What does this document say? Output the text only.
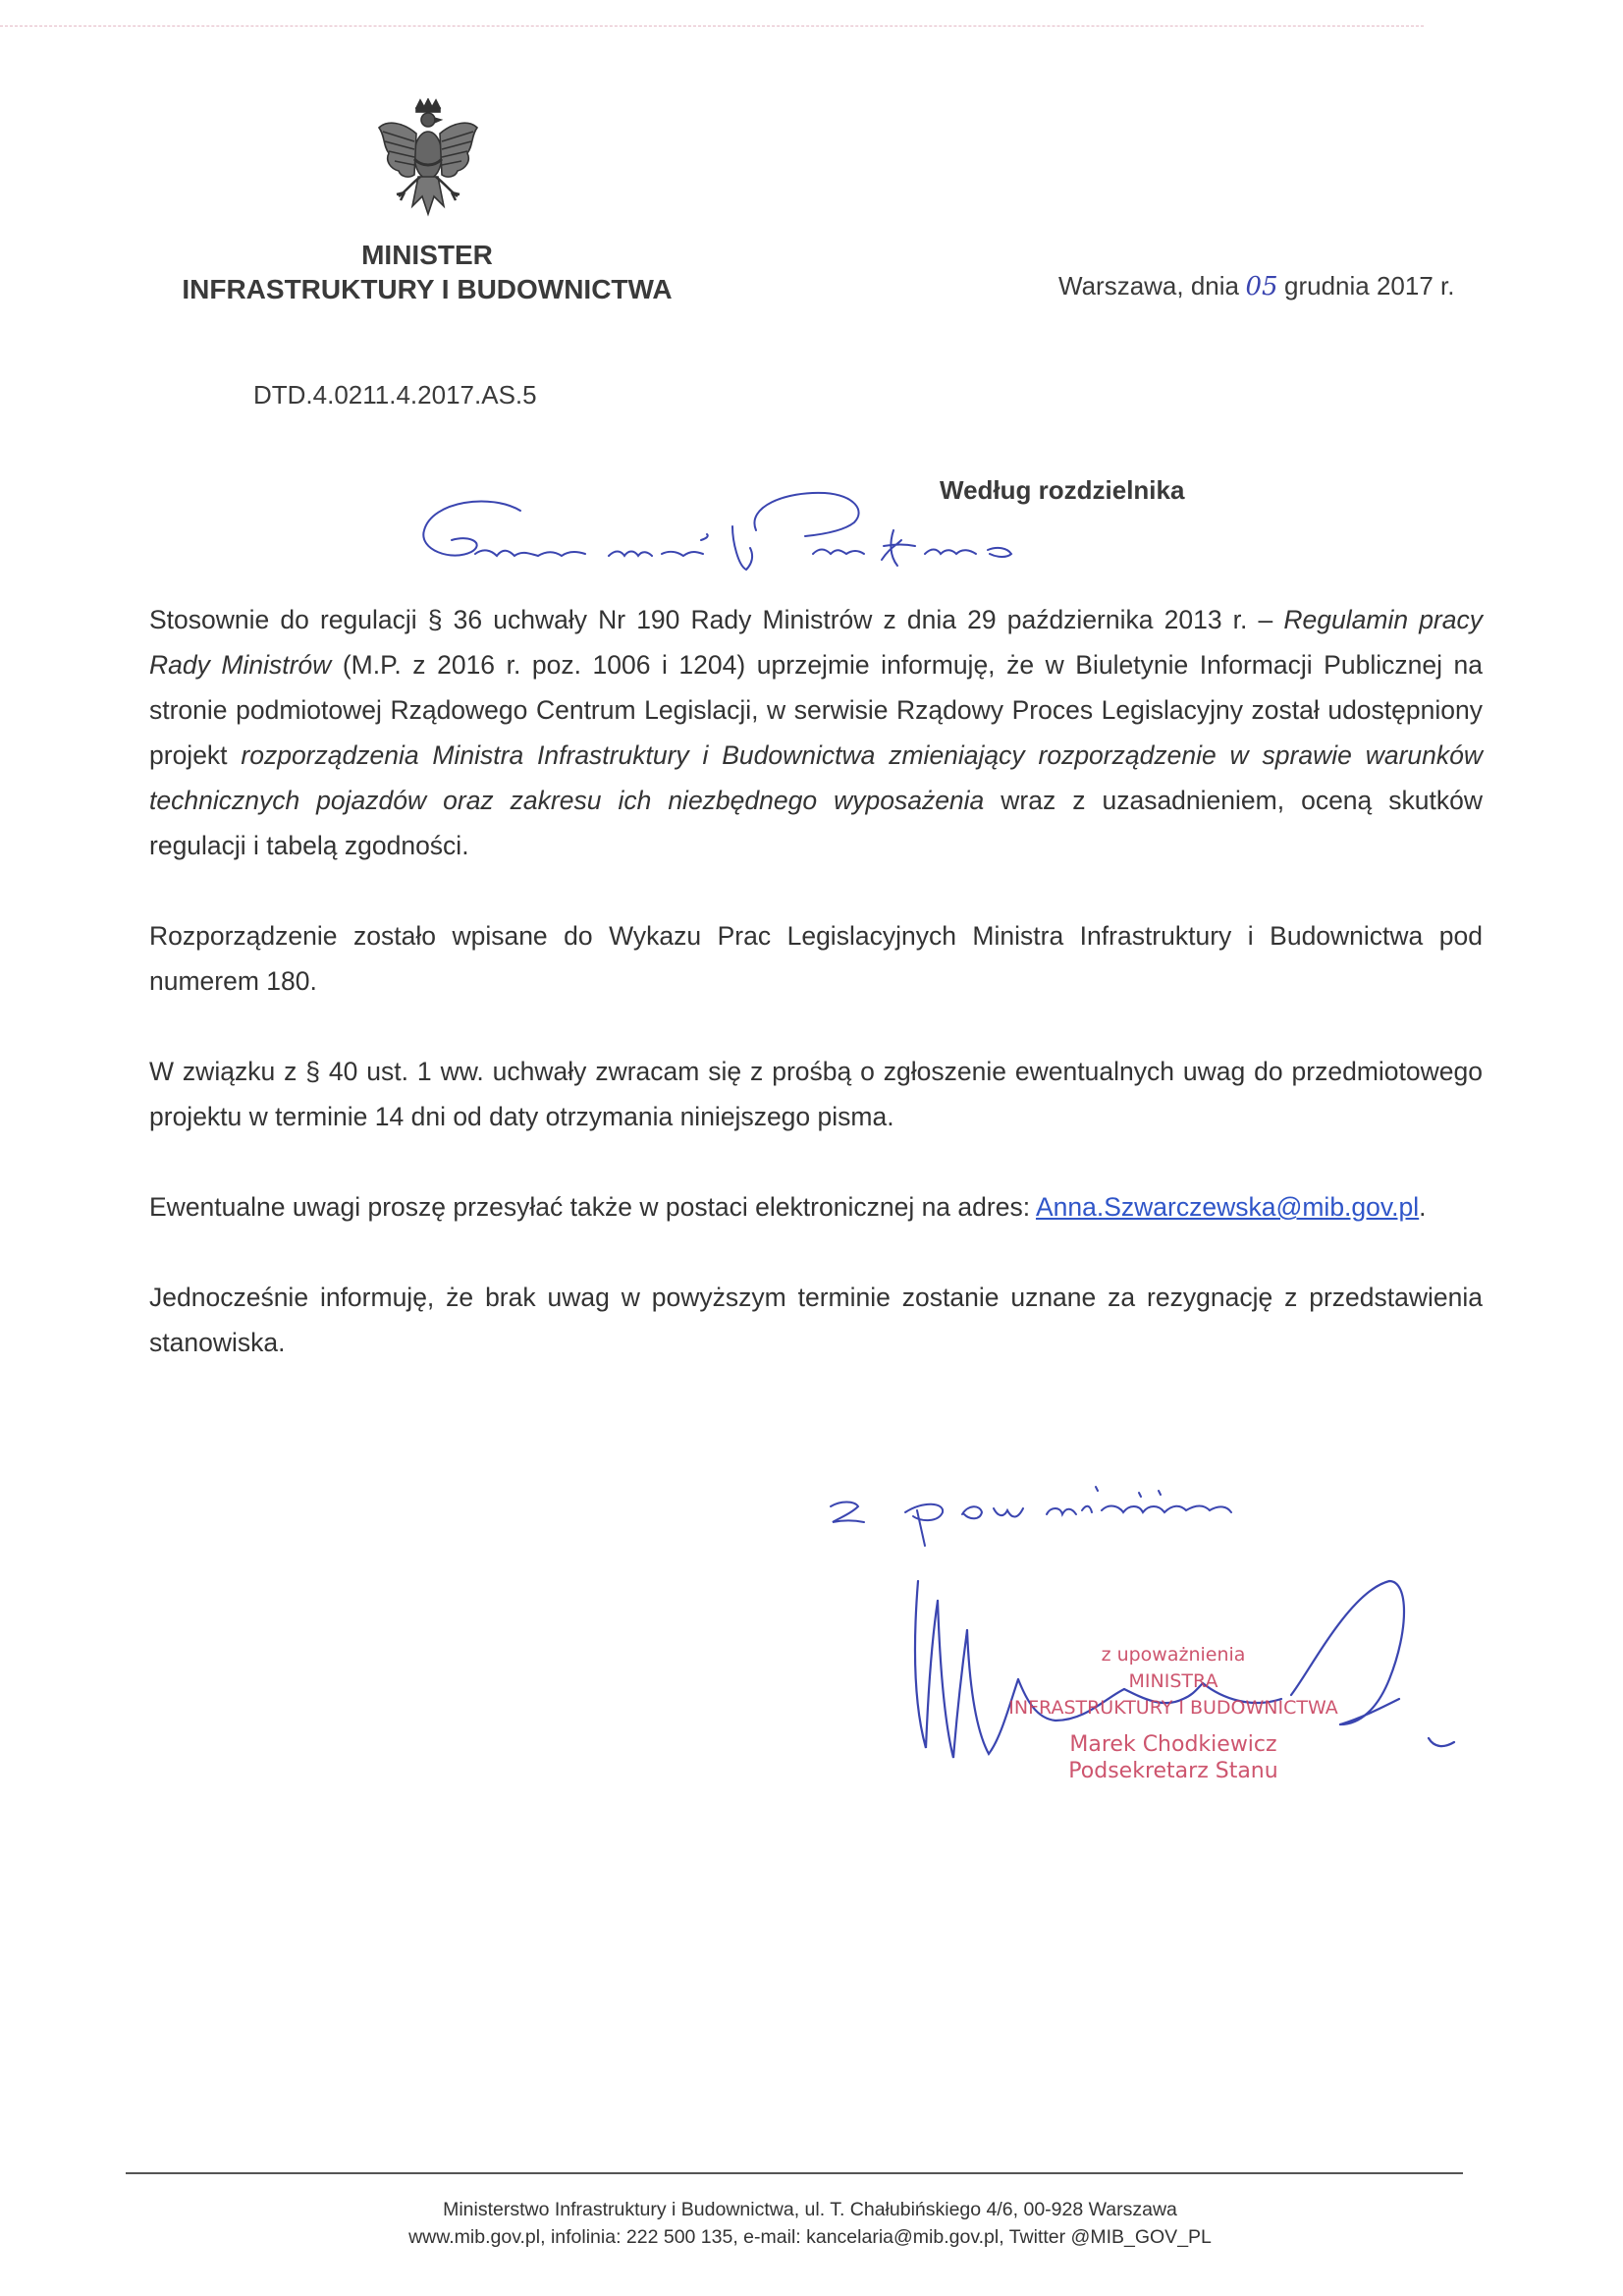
MINISTER
INFRASTRUKTURY I BUDOWNICTWA	Warszawa, dnia 05 grudnia 2017 r.
DTD.4.0211.4.2017.AS.5
Według rozdzielnika

Stosownie do regulacji § 36 uchwały Nr 190 Rady Ministrów z dnia 29 października 2013 r. – Regulamin pracy Rady Ministrów (M.P. z 2016 r. poz. 1006 i 1204) uprzejmie informuję, że w Biuletynie Informacji Publicznej na stronie podmiotowej Rządowego Centrum Legislacji, w serwisie Rządowy Proces Legislacyjny został udostępniony projekt rozporządzenia Ministra Infrastruktury i Budownictwa zmieniający rozporządzenie w sprawie warunków technicznych pojazdów oraz zakresu ich niezbędnego wyposażenia wraz z uzasadnieniem, oceną skutków regulacji i tabelą zgodności.

Rozporządzenie zostało wpisane do Wykazu Prac Legislacyjnych Ministra Infrastruktury i Budownictwa pod numerem 180.

W związku z § 40 ust. 1 ww. uchwały zwracam się z prośbą o zgłoszenie ewentualnych uwag do przedmiotowego projektu w terminie 14 dni od daty otrzymania niniejszego pisma.

Ewentualne uwagi proszę przesyłać także w postaci elektronicznej na adres: Anna.Szwarczewska@mib.gov.pl.

Jednocześnie informuję, że brak uwag w powyższym terminie zostanie uznane za rezygnację z przedstawienia stanowiska.

z upoważnienia
MINISTRA
INFRASTRUKTURY I BUDOWNICTWA
Marek Chodkiewicz
Podsekretarz Stanu
Ministerstwo Infrastruktury i Budownictwa, ul. T. Chałubińskiego 4/6, 00-928 Warszawa
www.mib.gov.pl, infolinia: 222 500 135, e-mail: kancelaria@mib.gov.pl, Twitter @MIB_GOV_PL
